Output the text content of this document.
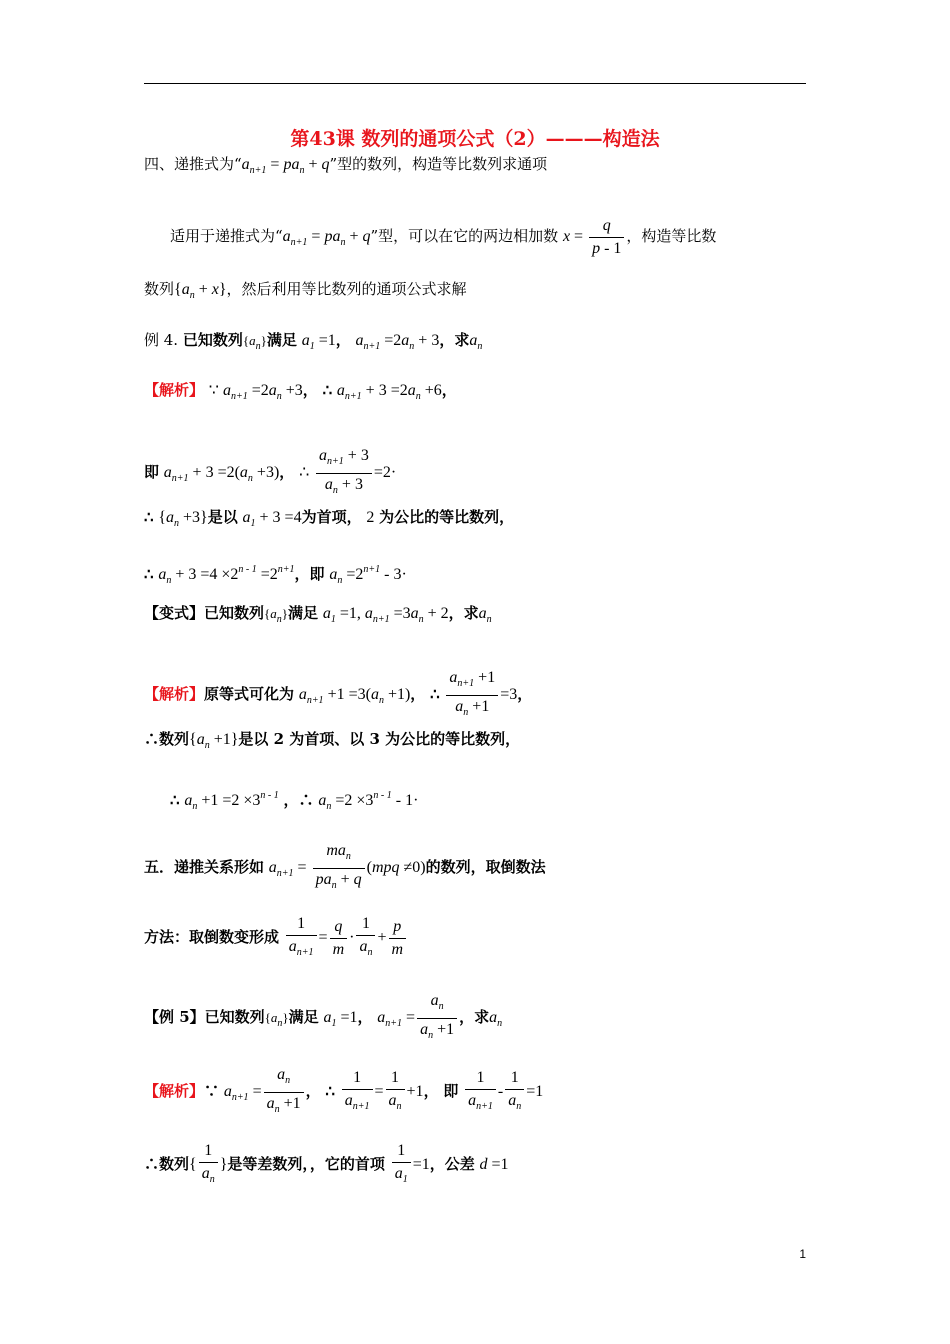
第43课 数列的通项公式（2）———构造法
四、递推式为“$a_{n+1} = pa_n + q$”型的数列，构造等比数列求通项
适用于递推式为“$a_{n+1} = pa_n + q$”型，可以在它的两边相加数 $x = \frac{q}{p - 1}$ ，构造等比数
数列$\{a_n + x\}$，然后利用等比数列的通项公式求解
例 4. 已知数列$\{a_n\}$满足 $a_1 =1$， $a_{n+1} =2a_n + 3$，求$a_n$
【解析】 ∵ $a_{n+1} =2a_n +3$， ∴ $a_{n+1} + 3 =2a_n +6$，
即 $a_{n+1} + 3 =2(a_n +3)$， ∴ $\frac{a_{n+1} + 3}{a_n + 3} =2\cdot$
∴ $\{a_n +3\}$是以 $a_1 + 3 =4$为首项， 2 为公比的等比数列，
∴ $a_n + 3 =4 \times 2^{n - 1} =2^{n+1}$，即 $a_n =2^{n+1} - 3\cdot$
【变式】已知数列$\{a_n\}$满足 $a_1 =1$, $a_{n+1} =3a_n + 2$，求$a_n$
【解析】原等式可化为 $a_{n+1} +1 =3(a_n +1)$， ∴ $\frac{a_{n+1} +1}{a_n +1} =3$，
∴数列$\{a_n +1\}$是以 2 为首项、以 3 为公比的等比数列，
∴ $a_n +1 =2 \times 3^{n - 1}$ ，∴ $a_n =2 \times 3^{n - 1} - 1\cdot$
五．递推关系形如 $a_{n+1} = \frac{ma_n}{pa_n + q} (mpq \ne 0)$的数列，取倒数法
方法：取倒数变形成 $\frac{1}{a_{n+1}} = \frac{q}{m} \cdot \frac{1}{a_n} + \frac{p}{m}$
【例 5】已知数列$\{a_n\}$满足 $a_1 =1$， $a_{n+1} = \frac{a_n}{a_n +1}$ ，求$a_n$
【解析】∵ $a_{n+1} = \frac{a_n}{a_n +1}$ ， ∴ $\frac{1}{a_{n+1}} = \frac{1}{a_n} +1$， 即 $\frac{1}{a_{n+1}} - \frac{1}{a_n} =1$
∴数列{ $\frac{1}{a_n}$ }是等差数列，，它的首项 $\frac{1}{a_1} =1$，公差 d =1
1
